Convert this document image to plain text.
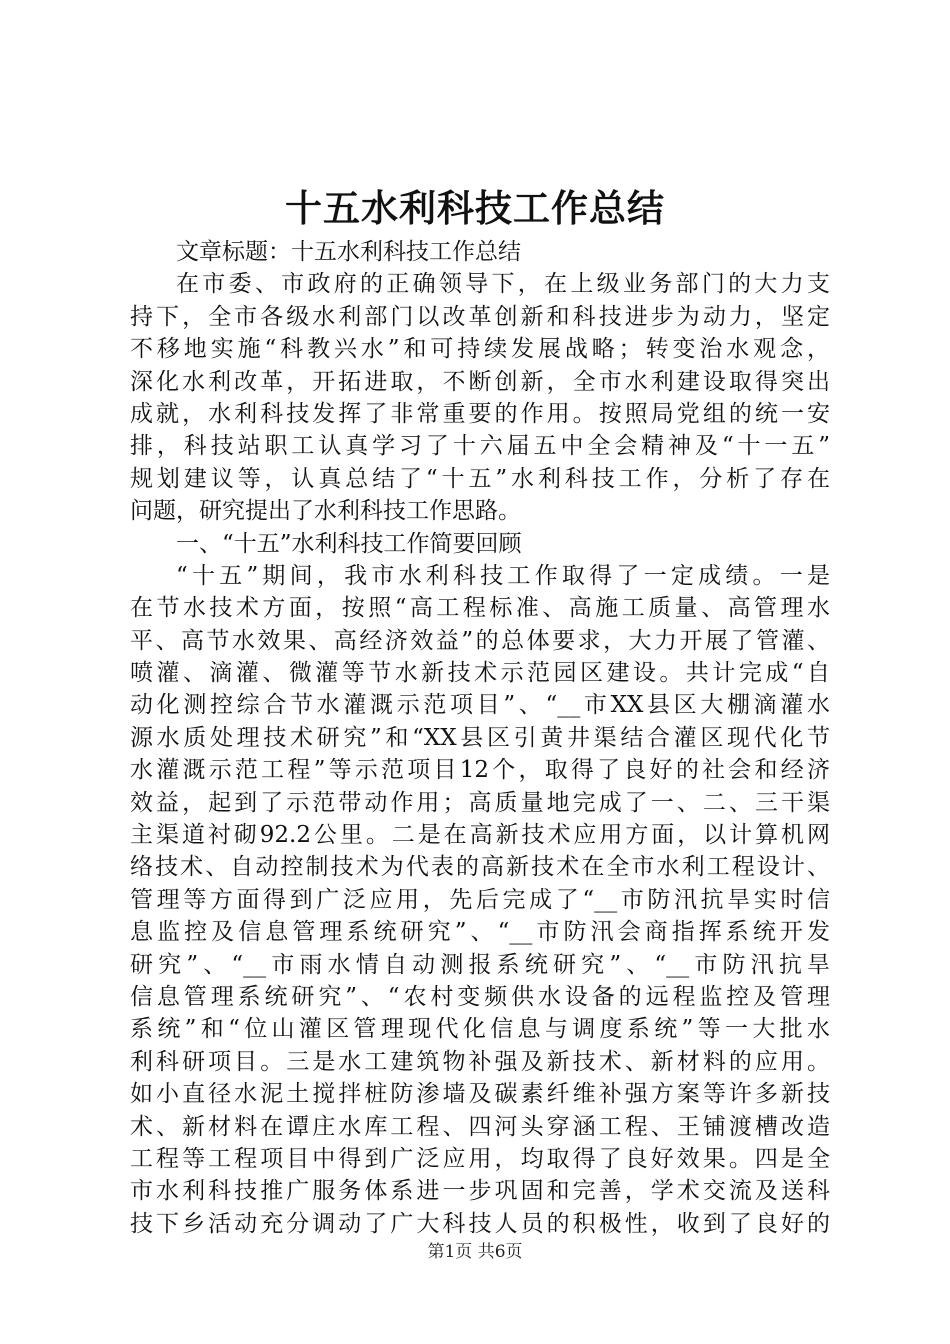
十五水利科技工作总结
文章标题：十五水利科技工作总结
在市委、市政府的正确领导下，在上级业务部门的大力支
持下，全市各级水利部门以改革创新和科技进步为动力，坚定
不移地实施“科教兴水”和可持续发展战略；转变治水观念，
深化水利改革，开拓进取，不断创新，全市水利建设取得突出
成就，水利科技发挥了非常重要的作用。按照局党组的统一安
排，科技站职工认真学习了十六届五中全会精神及“十一五”
规划建议等，认真总结了“十五”水利科技工作，分析了存在
问题，研究提出了水利科技工作思路。
一、“十五”水利科技工作简要回顾
“十五”期间，我市水利科技工作取得了一定成绩。一是
在节水技术方面，按照“高工程标准、高施工质量、高管理水
平、高节水效果、高经济效益”的总体要求，大力开展了管灌、
喷灌、滴灌、微灌等节水新技术示范园区建设。共计完成“自
动化测控综合节水灌溉示范项目”、“__市XX县区大棚滴灌水
源水质处理技术研究”和“XX县区引黄井渠结合灌区现代化节
水灌溉示范工程”等示范项目12个，取得了良好的社会和经济
效益，起到了示范带动作用；高质量地完成了一、二、三干渠
主渠道衬砌92.2公里。二是在高新技术应用方面，以计算机网
络技术、自动控制技术为代表的高新技术在全市水利工程设计、
管理等方面得到广泛应用，先后完成了“__市防汛抗旱实时信
息监控及信息管理系统研究”、“__市防汛会商指挥系统开发
研究”、“__市雨水情自动测报系统研究”、“__市防汛抗旱
信息管理系统研究”、“农村变频供水设备的远程监控及管理
系统”和“位山灌区管理现代化信息与调度系统”等一大批水
利科研项目。三是水工建筑物补强及新技术、新材料的应用。
如小直径水泥土搅拌桩防渗墙及碳素纤维补强方案等许多新技
术、新材料在谭庄水库工程、四河头穿涵工程、王铺渡槽改造
工程等工程项目中得到广泛应用，均取得了良好效果。四是全
市水利科技推广服务体系进一步巩固和完善，学术交流及送科
技下乡活动充分调动了广大科技人员的积极性，收到了良好的
第1页 共6页
